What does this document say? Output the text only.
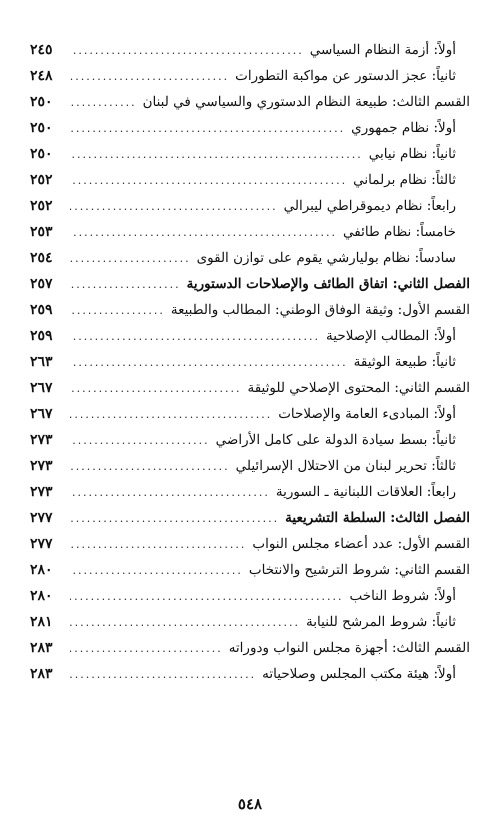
أولاً: أزمة النظام السياسي
.....
٢٤٥
ثانياً: عجز الدستور عن مواكبة التطورات
.....
٢٤٨
القسم الثالث: طبيعة النظام الدستوري والسياسي في لبنان
.....
٢٥٠
أولاً: نظام جمهوري
.....
٢٥٠
ثانياً: نظام نيابي
.....
٢٥٠
ثالثاً: نظام برلماني
.....
٢٥٢
رابعاً: نظام ديموقراطي ليبرالي
.....
٢٥٢
خامساً: نظام طائفي
.....
٢٥٣
سادساً: نظام بوليارشي يقوم على توازن القوى
.....
٢٥٤
الفصل الثاني: اتفاق الطائف والإصلاحات الدستورية
.....
٢٥٧
القسم الأول: وثيقة الوفاق الوطني: المطالب والطبيعة
.....
٢٥٩
أولاً: المطالب الإصلاحية
.....
٢٥٩
ثانياً: طبيعة الوثيقة
.....
٢٦٣
القسم الثاني: المحتوى الإصلاحي للوثيقة
.....
٢٦٧
أولاً: المبادىء العامة والإصلاحات
.....
٢٦٧
ثانياً: بسط سيادة الدولة على كامل الأراضي
.....
٢٧٣
ثالثاً: تحرير لبنان من الاحتلال الإسرائيلي
.....
٢٧٣
رابعاً: العلاقات اللبنانية ـ السورية
.....
٢٧٣
الفصل الثالث: السلطة التشريعية
.....
٢٧٧
القسم الأول: عدد أعضاء مجلس النواب
.....
٢٧٧
القسم الثاني: شروط الترشيح والانتخاب
.....
٢٨٠
أولاً: شروط الناخب
.....
٢٨٠
ثانياً: شروط المرشح للنيابة
.....
٢٨١
القسم الثالث: أجهزة مجلس النواب ودوراته
.....
٢٨٣
أولاً: هيئة مكتب المجلس وصلاحياته
.....
٢٨٣
٥٤٨
